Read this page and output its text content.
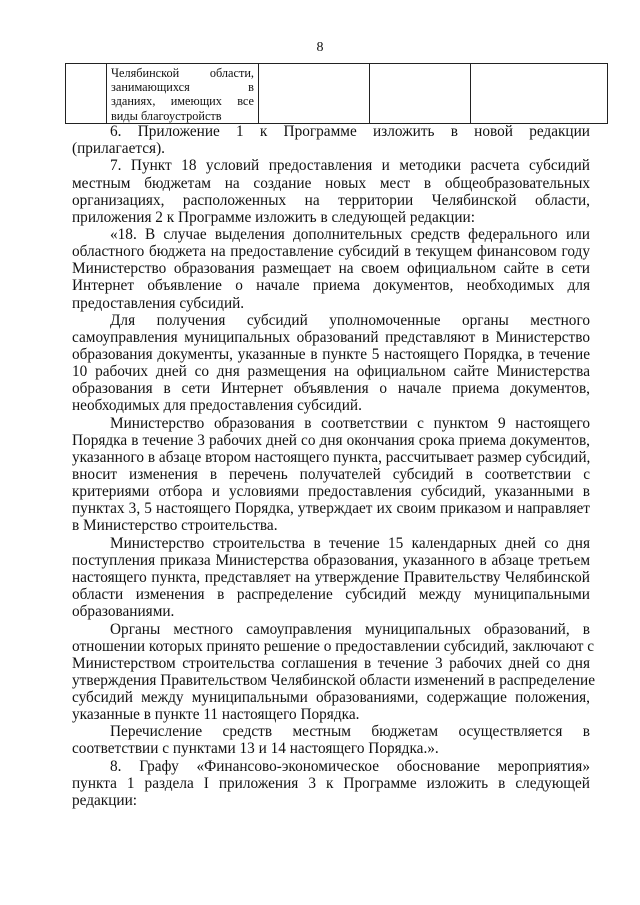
8

Челябинской области,
занимающихся в
зданиях, имеющих все
виды благоустройств

6. Приложение 1 к Программе изложить в новой редакции
(прилагается).

7. Пункт 18 условий предоставления и методики расчета субсидий
местным бюджетам на создание новых мест в общеобразовательных
организациях, расположенных на территории Челябинской области,
приложения 2 к Программе изложить в следующей редакции:

«18. В случае выделения дополнительных средств федерального или
областного бюджета на предоставление субсидий в текущем финансовом году
Министерство образования размещает на своем официальном сайте в сети
Интернет объявление о начале приема документов, необходимых для
предоставления субсидий.

Для получения субсидий уполномоченные органы местного
самоуправления муниципальных образований представляют в Министерство
образования документы, указанные в пункте 5 настоящего Порядка, в течение
10 рабочих дней со дня размещения на официальном сайте Министерства
образования в сети Интернет объявления о начале приема документов,
необходимых для предоставления субсидий.

Министерство образования в соответствии с пунктом 9 настоящего
Порядка в течение 3 рабочих дней со дня окончания срока приема документов,
указанного в абзаце втором настоящего пункта, рассчитывает размер субсидий,
вносит изменения в перечень получателей субсидий в соответствии с
критериями отбора и условиями предоставления субсидий, указанными в
пунктах 3, 5 настоящего Порядка, утверждает их своим приказом и направляет
в Министерство строительства.

Министерство строительства в течение 15 календарных дней со дня
поступления приказа Министерства образования, указанного в абзаце третьем
настоящего пункта, представляет на утверждение Правительству Челябинской
области изменения в распределение субсидий между муниципальными
образованиями.

Органы местного самоуправления муниципальных образований, в
отношении которых принято решение о предоставлении субсидий, заключают с
Министерством строительства соглашения в течение 3 рабочих дней со дня
утверждения Правительством Челябинской области изменений в распределение
субсидий между муниципальными образованиями, содержащие положения,
указанные в пункте 11 настоящего Порядка.

Перечисление средств местным бюджетам осуществляется в
соответствии с пунктами 13 и 14 настоящего Порядка.».

8. Графу «Финансово-экономическое обоснование мероприятия»
пункта 1 раздела I приложения 3 к Программе изложить в следующей
редакции:
